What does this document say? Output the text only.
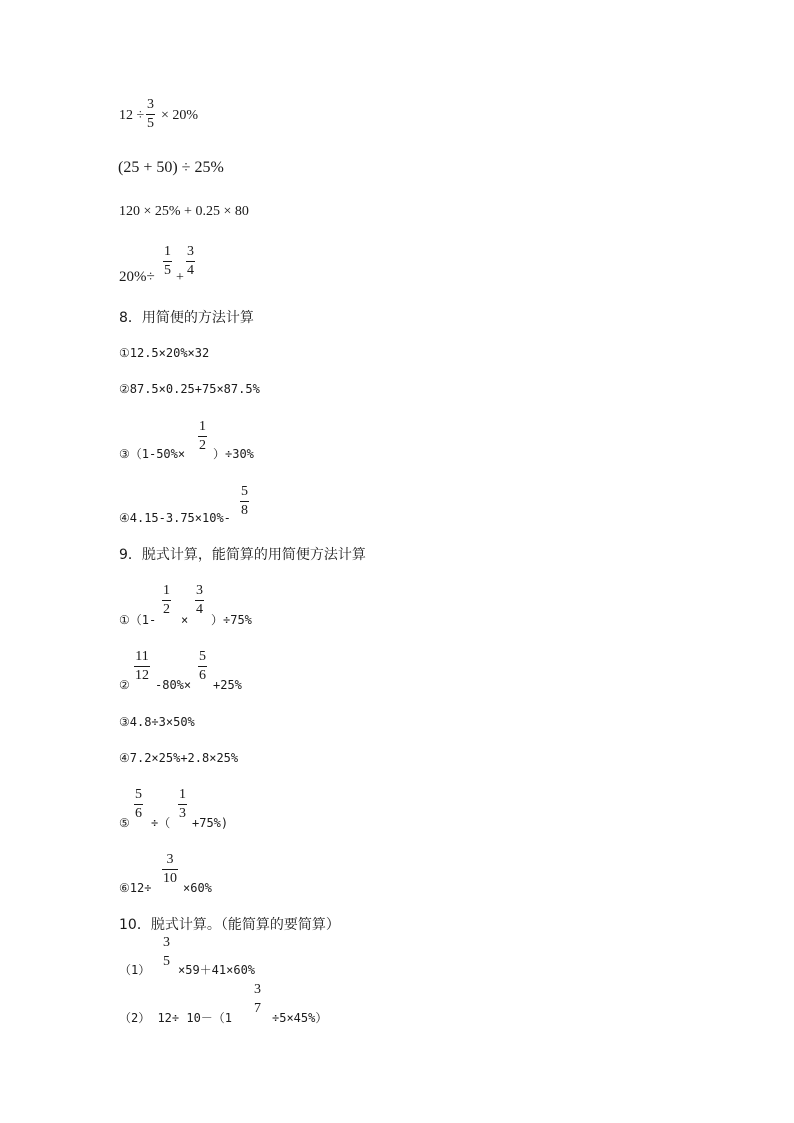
12 ÷
3
5
× 20%
(25 + 50) ÷ 25%
120 × 25% + 0.25 × 80
20%÷
1
5 +
3
4
8．用简便的方法计算
①12.5×20%×32
②87.5×0.25+75×87.5%
③（1-50%×
1
2
）÷30%
④4.15-3.75×10%-
5
8
9．脱式计算，能简算的用简便方法计算
①（1-
1
2
×
3
4
）÷75%
②
11
12
-80%×
5
6
+25%
③4.8÷3×50%
④7.2×25%+2.8×25%
⑤
5
6
÷（
1
3
+75%)
⑥12÷
3
10
×60%
10．脱式计算。（能简算的要简算）
（1）
3
5
×59＋41×60%
（2） 12÷ 10－（1
3
7
÷5×45%）
